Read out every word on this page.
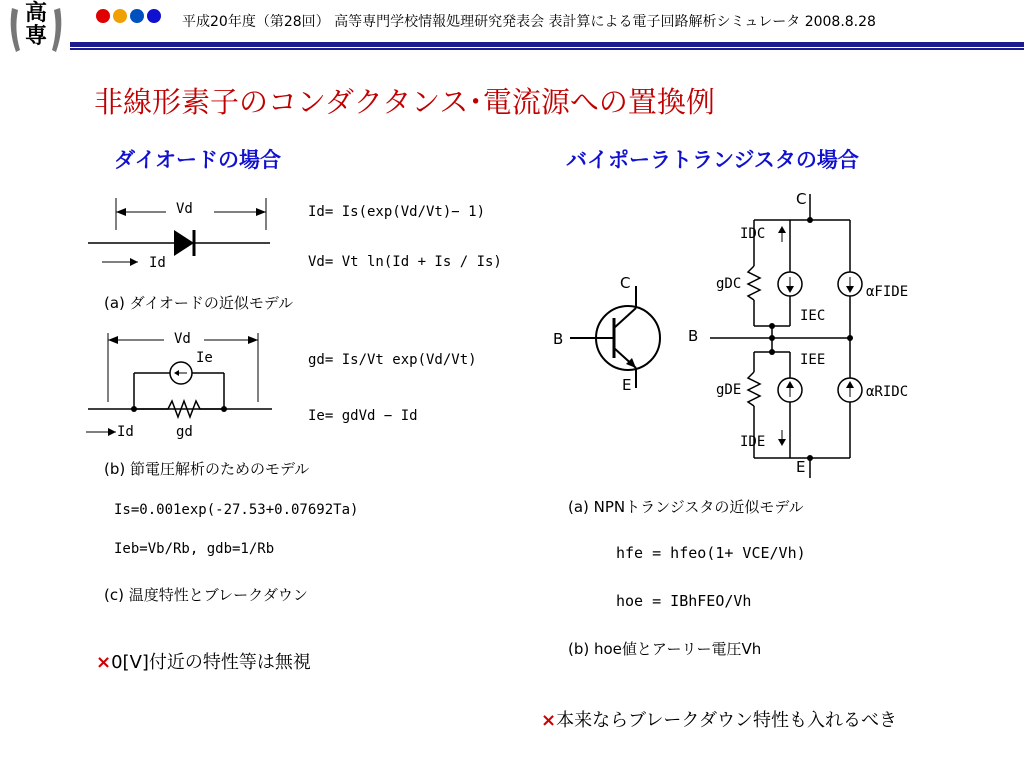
高
専
平成20年度（第28回） 高等専門学校情報処理研究発表会 表計算による電子回路解析シミュレータ 2008.8.28
非線形素子のコンダクタンス･電流源への置換例
ダイオードの場合
Vd
Id
Vd
Ie
Id	gd
Id= Is(exp(Vd/Vt)− 1)
Vd= Vt ln(Id + Is / Is)
gd= Is/Vt exp(Vd/Vt)
Ie= gdVd − Id
(a) ダイオードの近似モデル
(b) 節電圧解析のためのモデル
Is=0.001exp(-27.53+0.07692Ta)
Ieb=Vb/Rb, gdb=1/Rb
(c) 温度特性とブレークダウン
×0[V]付近の特性等は無視
バイポーラトランジスタの場合
C
B
E
C
B
E
IDC
gDC
IEC
αFIDE
IEE
gDE	αRIDC
IDE
(a) NPNトランジスタの近似モデル
hfe = hfeo(1+ VCE/Vh)
hoe = IBhFEO/Vh
(b) hoe値とアーリー電圧Vh
×本来ならブレークダウン特性も入れるべき
